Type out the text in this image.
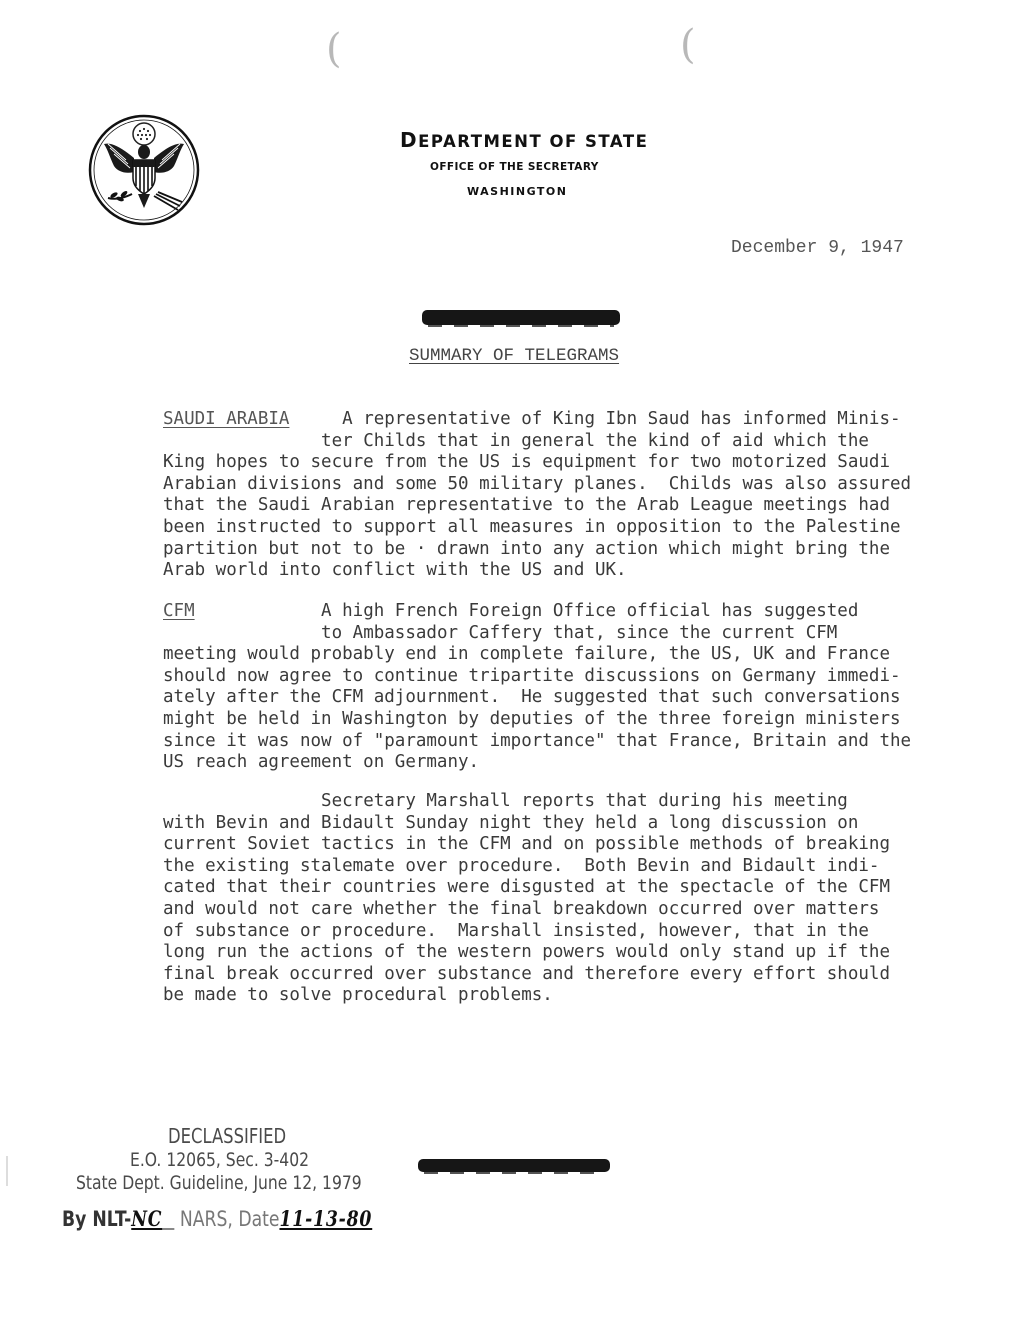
(	(
DEPARTMENT OF STATE
OFFICE OF THE SECRETARY
WASHINGTON
December 9, 1947
SUMMARY OF TELEGRAMS
SAUDI ARABIA	A representative of King Ibn Saud has informed Minis-
ter Childs that in general the kind of aid which the
King hopes to secure from the US is equipment for two motorized Saudi
Arabian divisions and some 50 military planes.  Childs was also assured
that the Saudi Arabian representative to the Arab League meetings had
been instructed to support all measures in opposition to the Palestine
partition but not to be · drawn into any action which might bring the
Arab world into conflict with the US and UK.
CFM	A high French Foreign Office official has suggested
to Ambassador Caffery that, since the current CFM
meeting would probably end in complete failure, the US, UK and France
should now agree to continue tripartite discussions on Germany immedi-
ately after the CFM adjournment.  He suggested that such conversations
might be held in Washington by deputies of the three foreign ministers
since it was now of "paramount importance" that France, Britain and the
US reach agreement on Germany.
Secretary Marshall reports that during his meeting
with Bevin and Bidault Sunday night they held a long discussion on
current Soviet tactics in the CFM and on possible methods of breaking
the existing stalemate over procedure.  Both Bevin and Bidault indi-
cated that their countries were disgusted at the spectacle of the CFM
and would not care whether the final breakdown occurred over matters
of substance or procedure.  Marshall insisted, however, that in the
long run the actions of the western powers would only stand up if the
final break occurred over substance and therefore every effort should
be made to solve procedural problems.
DECLASSIFIED
E.O. 12065, Sec. 3-402
State Dept. Guideline, June 12, 1979
By NLT-NC   NARS, Date11-13-80
